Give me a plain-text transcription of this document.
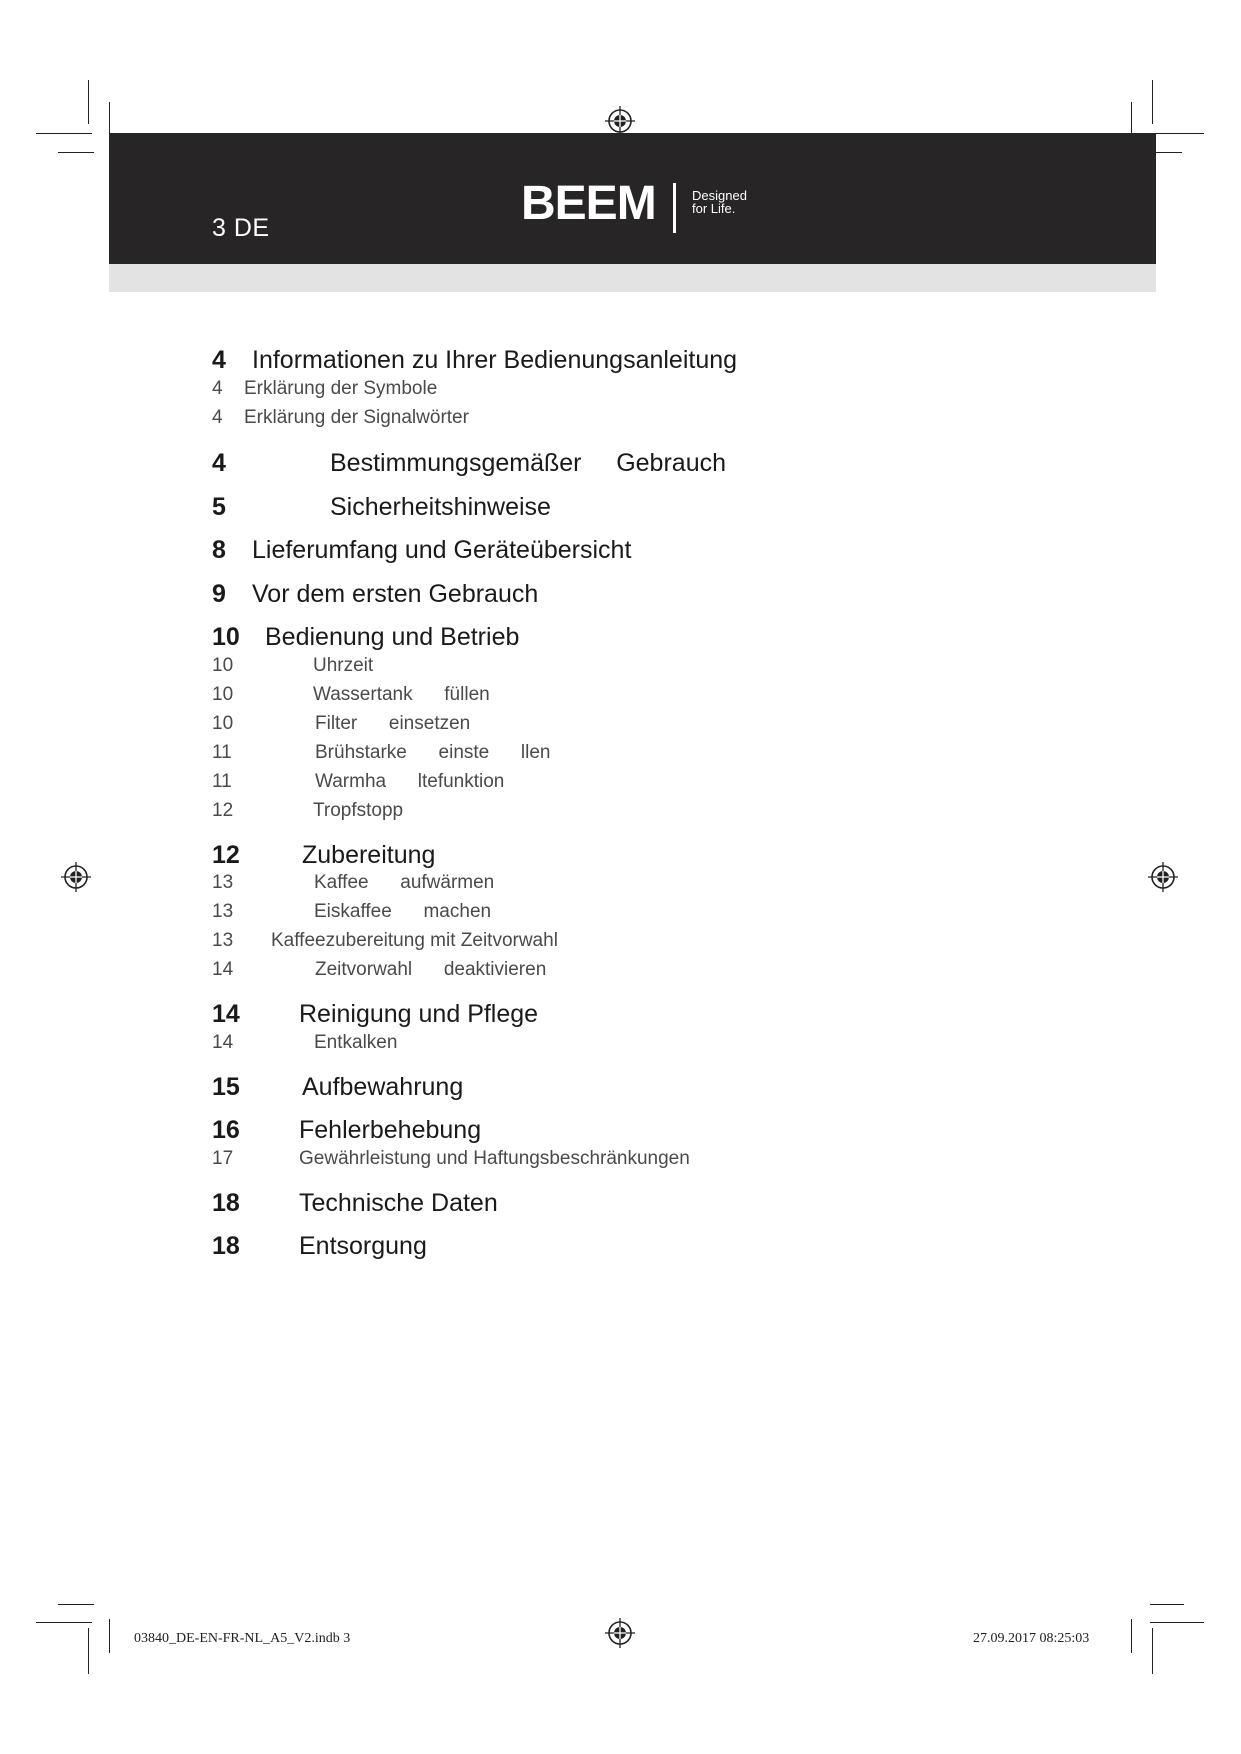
3 DE	BEEM	Designed
for Life.
4 Informationen zu Ihrer Bedienungsanleitung
4 Erklärung der Symbole
4 Erklärung der Signalwörter
4	Bestimmungsgemäßer     Gebrauch
5	Sicherheitshinweise
8 Lieferumfang und Geräteübersicht
9 Vor dem ersten Gebrauch
10 Bedienung und Betrieb
10	Uhrzeit
10	Wassertank      füllen
10	Filter      einsetzen
11	Brühstarke      einste      llen
11	Warmha      ltefunktion
12	Tropfstopp
12 Zubereitung
13	Kaffee      aufwärmen
13	Eiskaffee      machen
13 Kaffeezubereitung mit Zeitvorwahl
14	Zeitvorwahl      deaktivieren
14 Reinigung und Pflege
14	Entkalken
15 Aufbewahrung
16 Fehlerbehebung
17	Gewährleistung und Haftungsbeschränkungen
18 Technische Daten
18 Entsorgung
03840_DE-EN-FR-NL_A5_V2.indb 3	27.09.2017 08:25:03
